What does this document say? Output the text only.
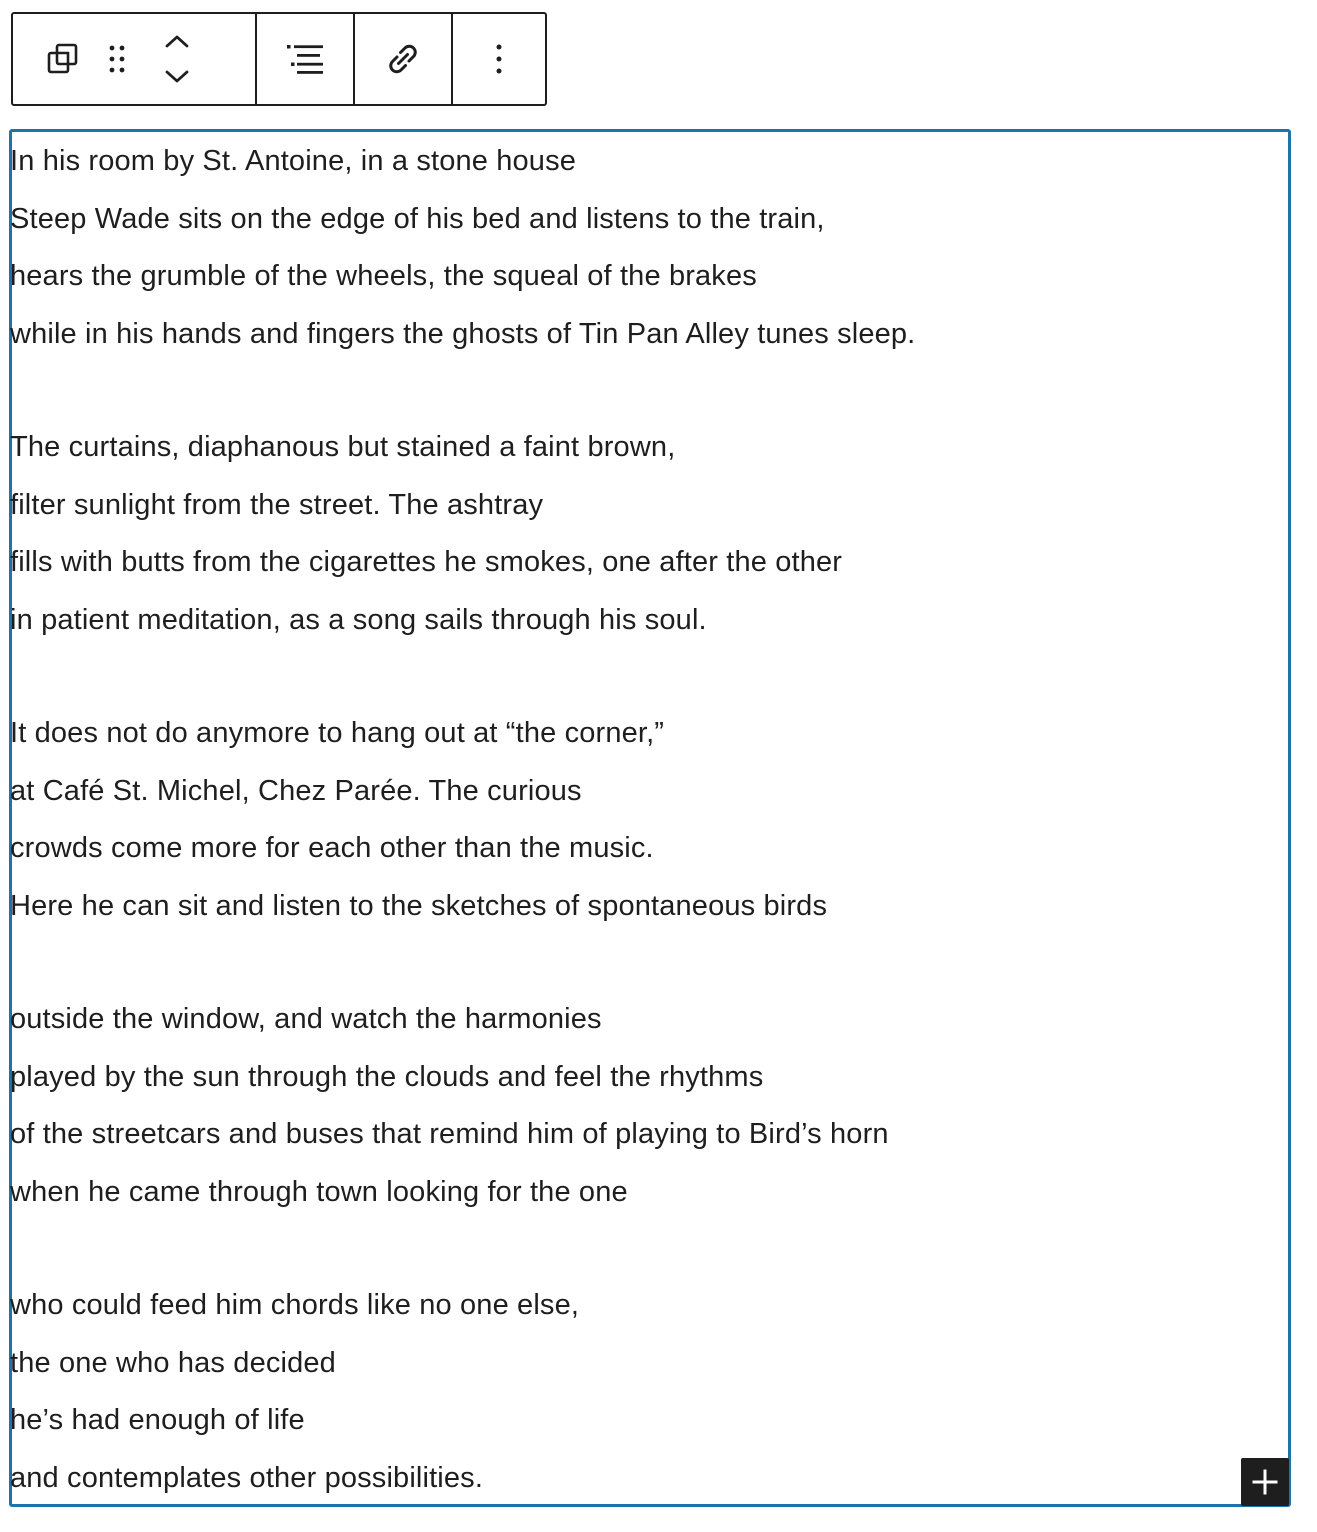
In his room by St. Antoine, in a stone house
Steep Wade sits on the edge of his bed and listens to the train,
hears the grumble of the wheels, the squeal of the brakes
while in his hands and fingers the ghosts of Tin Pan Alley tunes sleep.
The curtains, diaphanous but stained a faint brown,
filter sunlight from the street. The ashtray
fills with butts from the cigarettes he smokes, one after the other
in patient meditation, as a song sails through his soul.
It does not do anymore to hang out at “the corner,”
at Café St. Michel, Chez Parée. The curious
crowds come more for each other than the music.
Here he can sit and listen to the sketches of spontaneous birds
outside the window, and watch the harmonies
played by the sun through the clouds and feel the rhythms
of the streetcars and buses that remind him of playing to Bird’s horn
when he came through town looking for the one
who could feed him chords like no one else,
the one who has decided
he’s had enough of life
and contemplates other possibilities.
